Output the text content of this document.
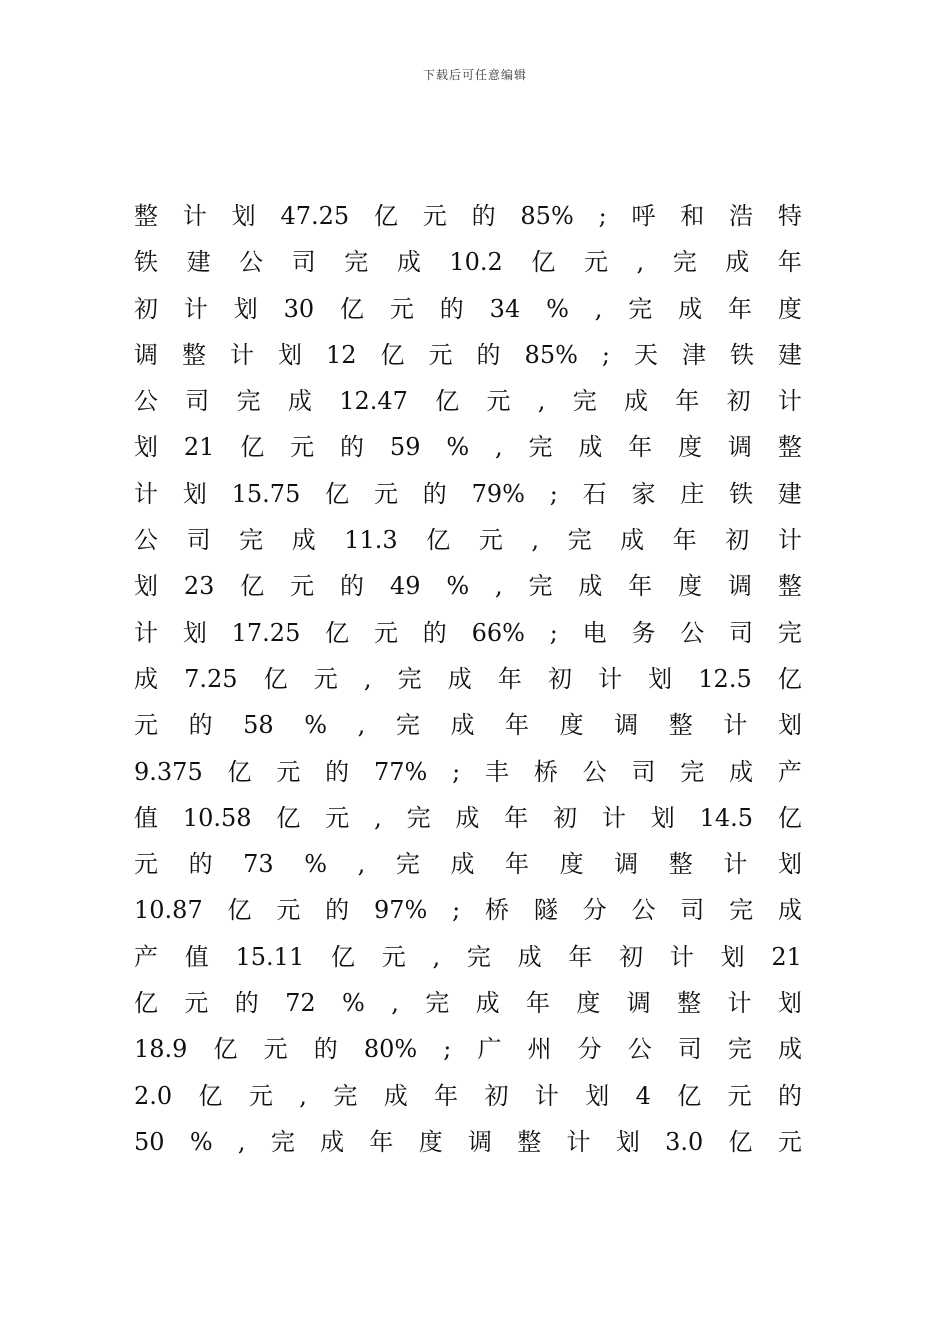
下载后可任意编辑
整 计 划 47.25 亿 元 的 85% ; 呼 和 浩 特
铁 建 公 司 完 成 10.2 亿 元 , 完 成 年
初 计 划 30 亿 元 的 34 % , 完 成 年 度
调 整 计 划 12 亿 元 的 85% ; 天 津 铁 建
公 司 完 成 12.47 亿 元 , 完 成 年 初 计
划 21 亿 元 的 59 % , 完 成 年 度 调 整
计 划 15.75 亿 元 的 79% ; 石 家 庄 铁 建
公 司 完 成 11.3 亿 元 , 完 成 年 初 计
划 23 亿 元 的 49 % , 完 成 年 度 调 整
计 划 17.25 亿 元 的 66% ; 电 务 公 司 完
成 7.25 亿 元 , 完 成 年 初 计 划 12.5 亿
元 的 58 % , 完 成 年 度 调 整 计 划
9.375 亿 元 的 77% ; 丰 桥 公 司 完 成 产
值 10.58 亿 元 , 完 成 年 初 计 划 14.5 亿
元 的 73 % , 完 成 年 度 调 整 计 划
10.87 亿 元 的 97% ; 桥 隧 分 公 司 完 成
产 值 15.11 亿 元 , 完 成 年 初 计 划 21
亿 元 的 72 % , 完 成 年 度 调 整 计 划
18.9 亿 元 的 80% ; 广 州 分 公 司 完 成
2.0 亿 元 , 完 成 年 初 计 划 4 亿 元 的
50 % , 完 成 年 度 调 整 计 划 3.0 亿 元
